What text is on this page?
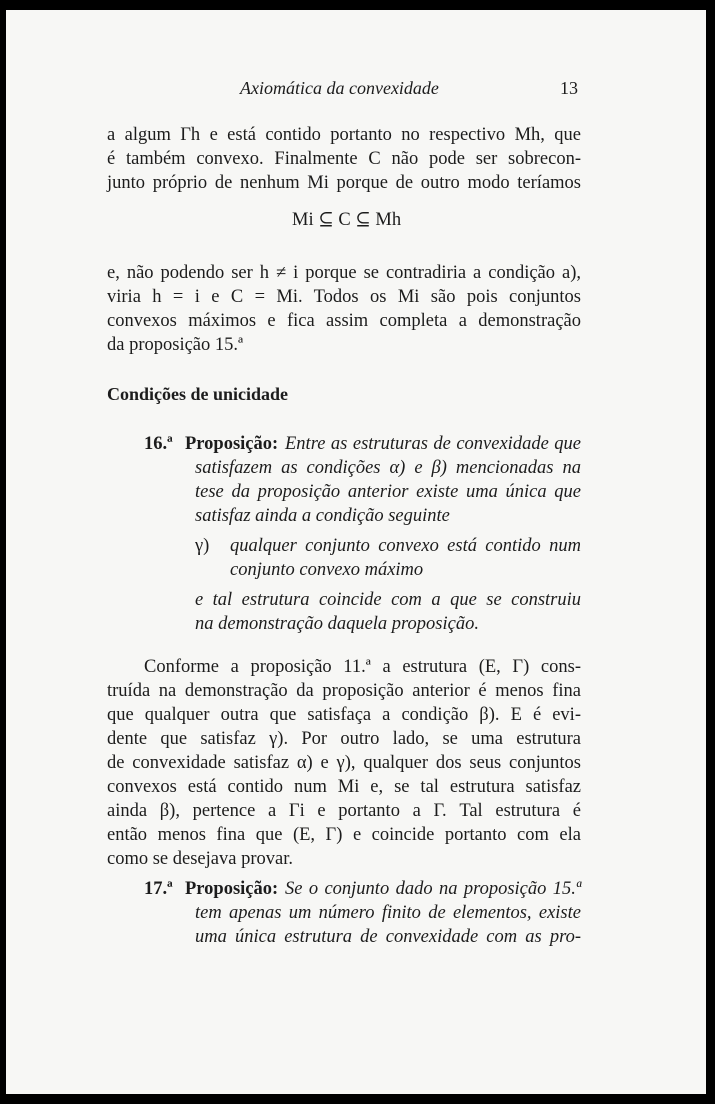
Axiomática da convexidade	13
a algum Γh e está contido portanto no respectivo Mh, que
é também convexo. Finalmente C não pode ser sobrecon-
junto próprio de nenhum Mi porque de outro modo teríamos
Mi ⊆ C ⊆ Mh
e, não podendo ser h ≠ i porque se contradiria a condição a),
viria h = i e C = Mi. Todos os Mi são pois conjuntos
convexos máximos e fica assim completa a demonstração
da proposição 15.ª
Condições de unicidade
16.ª Proposição: Entre as estruturas de convexidade que
satisfazem as condições α) e β) mencionadas na
tese da proposição anterior existe uma única que
satisfaz ainda a condição seguinte
γ) qualquer conjunto convexo está contido num
conjunto convexo máximo
e tal estrutura coincide com a que se construiu
na demonstração daquela proposição.
Conforme a proposição 11.ª a estrutura (E, Γ) cons-
truída na demonstração da proposição anterior é menos fina
que qualquer outra que satisfaça a condição β). E é evi-
dente que satisfaz γ). Por outro lado, se uma estrutura
de convexidade satisfaz α) e γ), qualquer dos seus conjuntos
convexos está contido num Mi e, se tal estrutura satisfaz
ainda β), pertence a Γi e portanto a Γ. Tal estrutura é
então menos fina que (E, Γ) e coincide portanto com ela
como se desejava provar.
17.ª Proposição: Se o conjunto dado na proposição 15.ª
tem apenas um número finito de elementos, existe
uma única estrutura de convexidade com as pro-
